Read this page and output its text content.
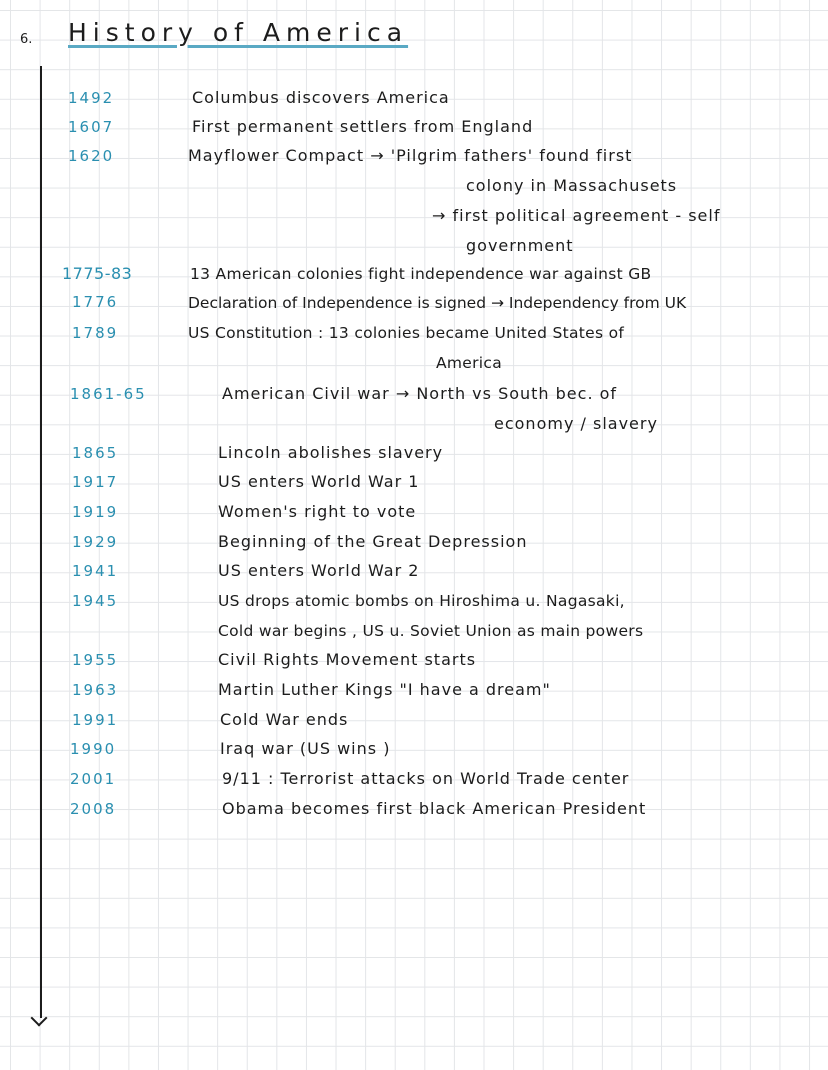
6. History of America
1492	Columbus discovers America
1607	First permanent settlers from England
1620	Mayflower Compact → 'Pilgrim fathers' found first
colony in Massachusets
→ first political agreement - self
government
1775-83	13 American colonies fight independence war against GB
1776	Declaration of Independence is signed → Independency from UK
1789	US Constitution : 13 colonies became United States of
America
1861-65	American Civil war → North vs South bec. of
economy / slavery
1865	Lincoln abolishes slavery
1917	US enters World War 1
1919	Women's right to vote
1929	Beginning of the Great Depression
1941	US enters World War 2
1945	US drops atomic bombs on Hiroshima u. Nagasaki,
Cold war begins , US u. Soviet Union as main powers
1955	Civil Rights Movement starts
1963	Martin Luther Kings "I have a dream"
1991	Cold War ends
1990	Iraq war (US wins )
2001	9/11 : Terrorist attacks on World Trade center
2008	Obama becomes first black American President
